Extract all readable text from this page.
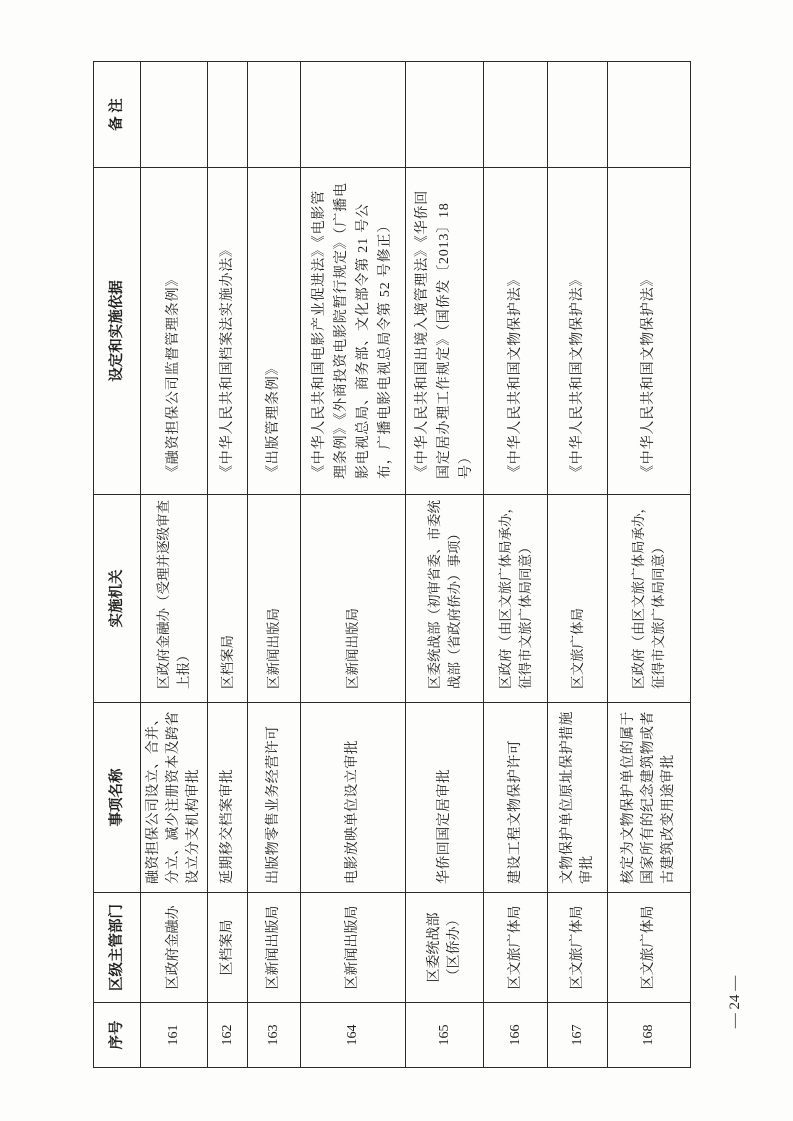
序号	区级主管部门	事项名称	实施机关	设定和实施依据	备 注
161	区政府金融办	融资担保公司设立、合并、分立、减少注册资本及跨省设立分支机构审批	区政府金融办（受理并逐级审查上报）	《融资担保公司监督管理条例》	
162	区档案局	延期移交档案审批	区档案局	《中华人民共和国档案法实施办法》	
163	区新闻出版局	出版物零售业务经营许可	区新闻出版局	《出版管理条例》	
164	区新闻出版局	电影放映单位设立审批	区新闻出版局	《中华人民共和国电影产业促进法》《电影管理条例》《外商投资电影院暂行规定》（广播电影电视总局、商务部、文化部令第 21 号公布，广播电影电视总局令第 52 号修正）	
165	区委统战部（区侨办）	华侨回国定居审批	区委统战部（初审省委、市委统战部（省政府侨办）事项）	《中华人民共和国出境入境管理法》《华侨回国定居办理工作规定》（国侨发〔2013〕18 号）	
166	区文旅广体局	建设工程文物保护许可	区政府（由区文旅广体局承办，征得市文旅广体局同意）	《中华人民共和国文物保护法》	
167	区文旅广体局	文物保护单位原址保护措施审批	区文旅广体局	《中华人民共和国文物保护法》	
168	区文旅广体局	核定为文物保护单位的属于国家所有的纪念建筑物或者古建筑改变用途审批	区政府（由区文旅广体局承办，征得市文旅广体局同意）	《中华人民共和国文物保护法》	
— 24 —
